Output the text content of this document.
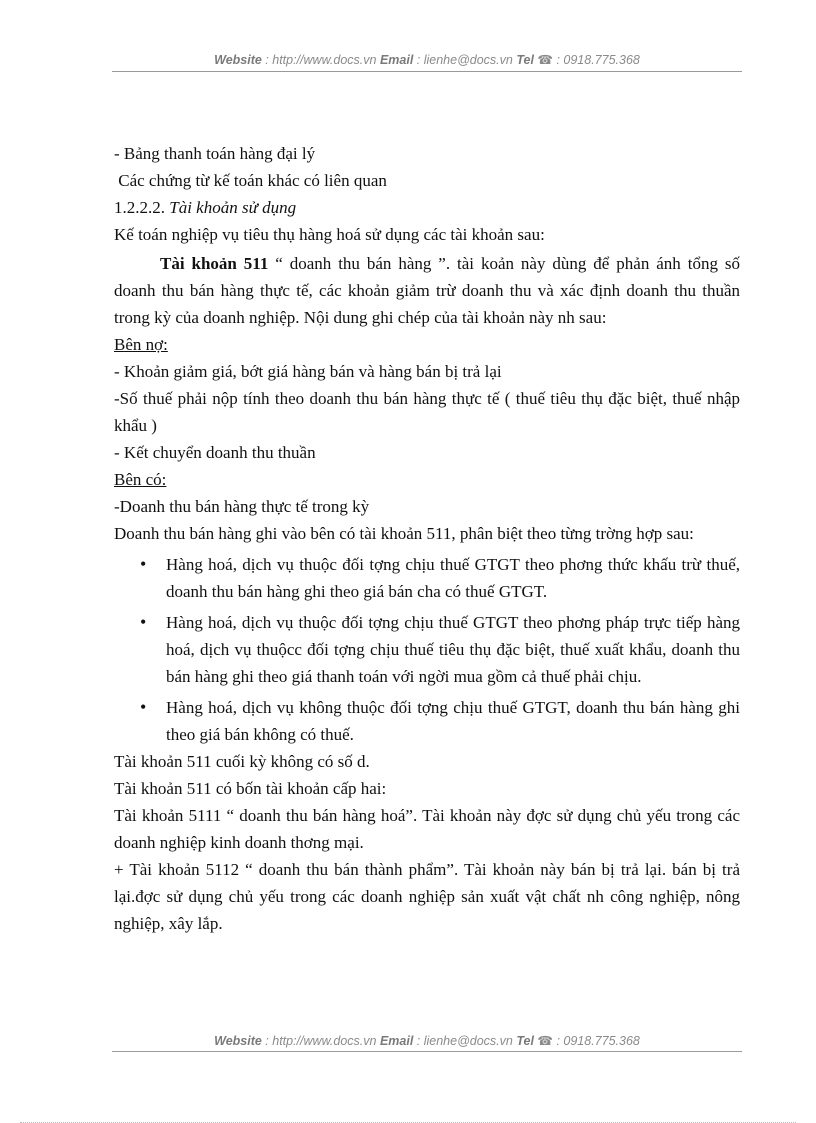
Website : http://www.docs.vn Email : lienhe@docs.vn Tel ☎ : 0918.775.368

- Bảng thanh toán hàng đại lý

Các chứng từ kế toán khác có liên quan

1.2.2.2. Tài khoản sử dụng

Kế toán nghiệp vụ tiêu thụ hàng hoá sử dụng các tài khoản sau:

Tài khoản 511 “ doanh thu bán hàng ”. tài koản này dùng để phản ánh tổng số doanh thu bán hàng thực tế, các khoản giảm trừ doanh thu và xác định doanh thu thuần trong kỳ của doanh nghiệp. Nội dung ghi chép của tài khoản này nh sau:

Bên nợ:

- Khoản giảm giá, bớt giá hàng bán và hàng bán bị trả lại

-Số thuế phải nộp tính theo doanh thu bán hàng thực tế ( thuế tiêu thụ đặc biệt, thuế nhập khẩu )

- Kết chuyển doanh thu thuần

Bên có:

-Doanh thu bán hàng thực tế trong kỳ

Doanh thu bán hàng ghi vào bên có tài khoản 511, phân biệt theo từng trờng hợp sau:

• Hàng hoá, dịch vụ thuộc đối tợng chịu thuế GTGT theo phơng thức khấu trừ thuế, doanh thu bán hàng ghi theo giá bán cha có thuế GTGT.

• Hàng hoá, dịch vụ thuộc đối tợng chịu thuế GTGT theo phơng pháp trực tiếp hàng hoá, dịch vụ thuộcc đối tợng chịu thuế tiêu thụ đặc biệt, thuế xuất khẩu, doanh thu bán hàng ghi theo giá thanh toán với ngời mua gồm cả thuế phải chịu.

• Hàng hoá, dịch vụ không thuộc đối tợng chịu thuế GTGT, doanh thu bán hàng ghi theo giá bán không có thuế.

Tài khoản 511 cuối kỳ không có số d.

Tài khoản 511 có bốn tài khoản cấp hai:

Tài khoản 5111 “ doanh thu bán hàng hoá”. Tài khoản này đợc sử dụng chủ yếu trong các doanh nghiệp kinh doanh thơng mại.

+ Tài khoản 5112 “ doanh thu bán thành phẩm”. Tài khoản này bán bị trả lại. bán bị trả lại.đợc sử dụng chủ yếu trong các doanh nghiệp sản xuất vật chất nh công nghiệp, nông nghiệp, xây lắp.

Website : http://www.docs.vn Email : lienhe@docs.vn Tel ☎ : 0918.775.368
